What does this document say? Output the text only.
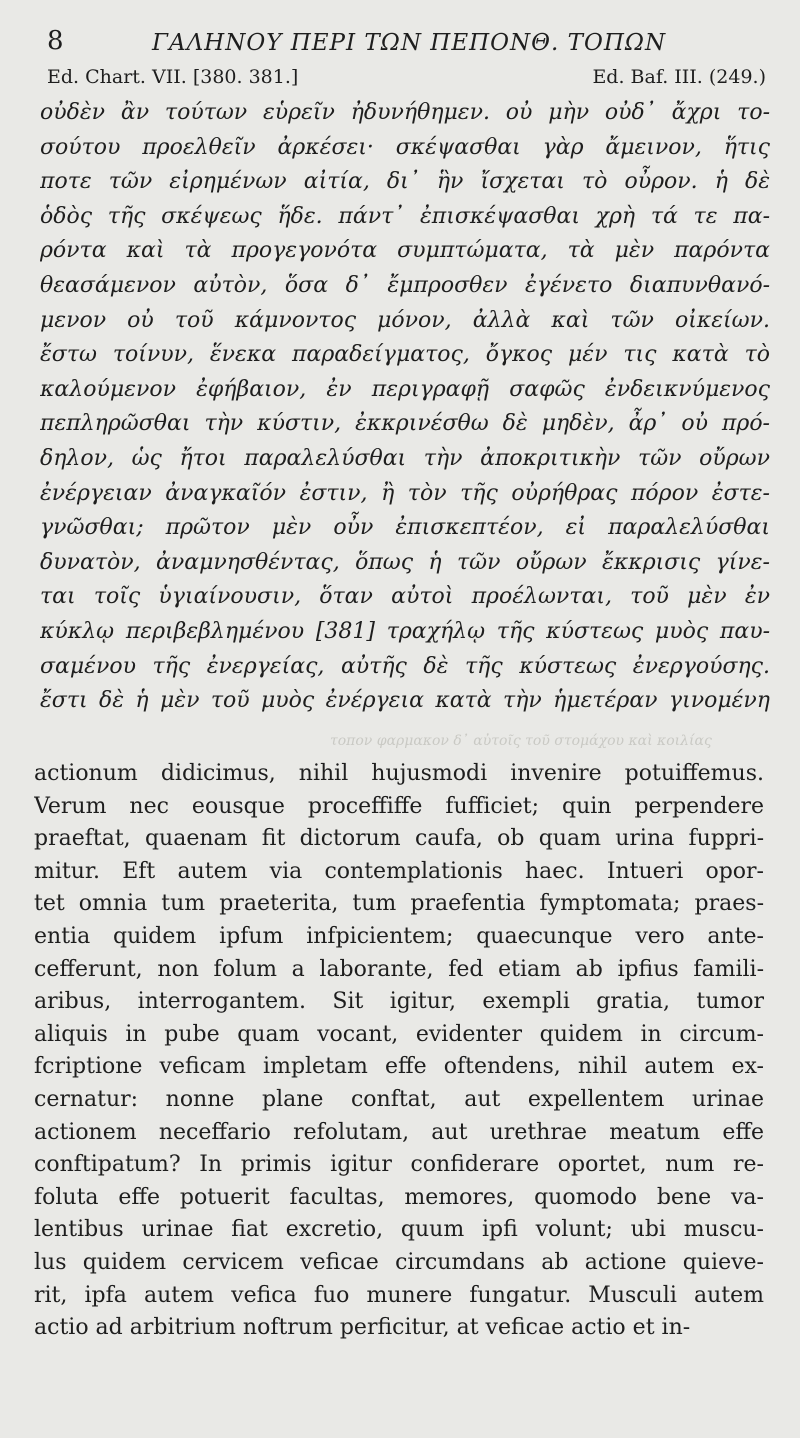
8	ΓΑΛΗΝΟΥ ΠΕΡΙ ΤΩΝ ΠΕΠΟΝΘ. ΤΟΠΩΝ
Ed. Chart. VII. [380. 381.]	Ed. Baf. III. (249.)
οὐδὲν ἂν τούτων εὑρεῖν ἠδυνήθημεν. οὐ μὴν οὐδ᾽ ἄχρι το-
σούτου προελθεῖν ἀρκέσει· σκέψασθαι γὰρ ἄμεινον, ἥτις
ποτε τῶν εἰρημένων αἰτία, δι᾽ ἣν ἴσχεται τὸ οὖρον. ἡ δὲ
ὁδὸς τῆς σκέψεως ἥδε. πάντ᾽ ἐπισκέψασθαι χρὴ τά τε πα-
ρόντα καὶ τὰ προγεγονότα συμπτώματα, τὰ μὲν παρόντα
θεασάμενον αὐτὸν, ὅσα δ᾽ ἔμπροσθεν ἐγένετο διαπυνθανό-
μενον οὐ τοῦ κάμνοντος μόνον, ἀλλὰ καὶ τῶν οἰκείων.
ἔστω τοίνυν, ἕνεκα παραδείγματος, ὄγκος μέν τις κατὰ τὸ
καλούμενον ἐφήβαιον, ἐν περιγραφῇ σαφῶς ἐνδεικνύμενος
πεπληρῶσθαι τὴν κύστιν, ἐκκρινέσθω δὲ μηδὲν, ἆρ᾽ οὐ πρό-
δηλον, ὡς ἤτοι παραλελύσθαι τὴν ἀποκριτικὴν τῶν οὔρων
ἐνέργειαν ἀναγκαῖόν ἐστιν, ἢ τὸν τῆς οὐρήθρας πόρον ἐστε-
γνῶσθαι; πρῶτον μὲν οὖν ἐπισκεπτέον, εἰ παραλελύσθαι
δυνατὸν, ἀναμνησθέντας, ὅπως ἡ τῶν οὔρων ἔκκρισις γίνε-
ται τοῖς ὑγιαίνουσιν, ὅταν αὐτοὶ προέλωνται, τοῦ μὲν ἐν
κύκλῳ περιβεβλημένου [381] τραχήλῳ τῆς κύστεως μυὸς παυ-
σαμένου τῆς ἐνεργείας, αὐτῆς δὲ τῆς κύστεως ἐνεργούσης.
ἔστι δὲ ἡ μὲν τοῦ μυὸς ἐνέργεια κατὰ τὴν ἡμετέραν γινομένη
τοπον φαρμακον δ᾽ αὐτοῖς τοῦ στομάχου καὶ κοιλίας
actionum didicimus, nihil hujusmodi invenire potuiffemus.
Verum nec eousque proceffiffe fufficiet; quin perpendere
praeftat, quaenam fit dictorum caufa, ob quam urina fuppri-
mitur. Eft autem via contemplationis haec. Intueri opor-
tet omnia tum praeterita, tum praefentia fymptomata; praes-
entia quidem ipfum infpicientem; quaecunque vero ante-
cefferunt, non folum a laborante, fed etiam ab ipfius famili-
aribus, interrogantem. Sit igitur, exempli gratia, tumor
aliquis in pube quam vocant, evidenter quidem in circum-
fcriptione veficam impletam effe oftendens, nihil autem ex-
cernatur: nonne plane conftat, aut expellentem urinae
actionem neceffario refolutam, aut urethrae meatum effe
conftipatum? In primis igitur confiderare oportet, num re-
foluta effe potuerit facultas, memores, quomodo bene va-
lentibus urinae fiat excretio, quum ipfi volunt; ubi muscu-
lus quidem cervicem veficae circumdans ab actione quieve-
rit, ipfa autem vefica fuo munere fungatur. Musculi autem
actio ad arbitrium noftrum perficitur, at veficae actio et in-
